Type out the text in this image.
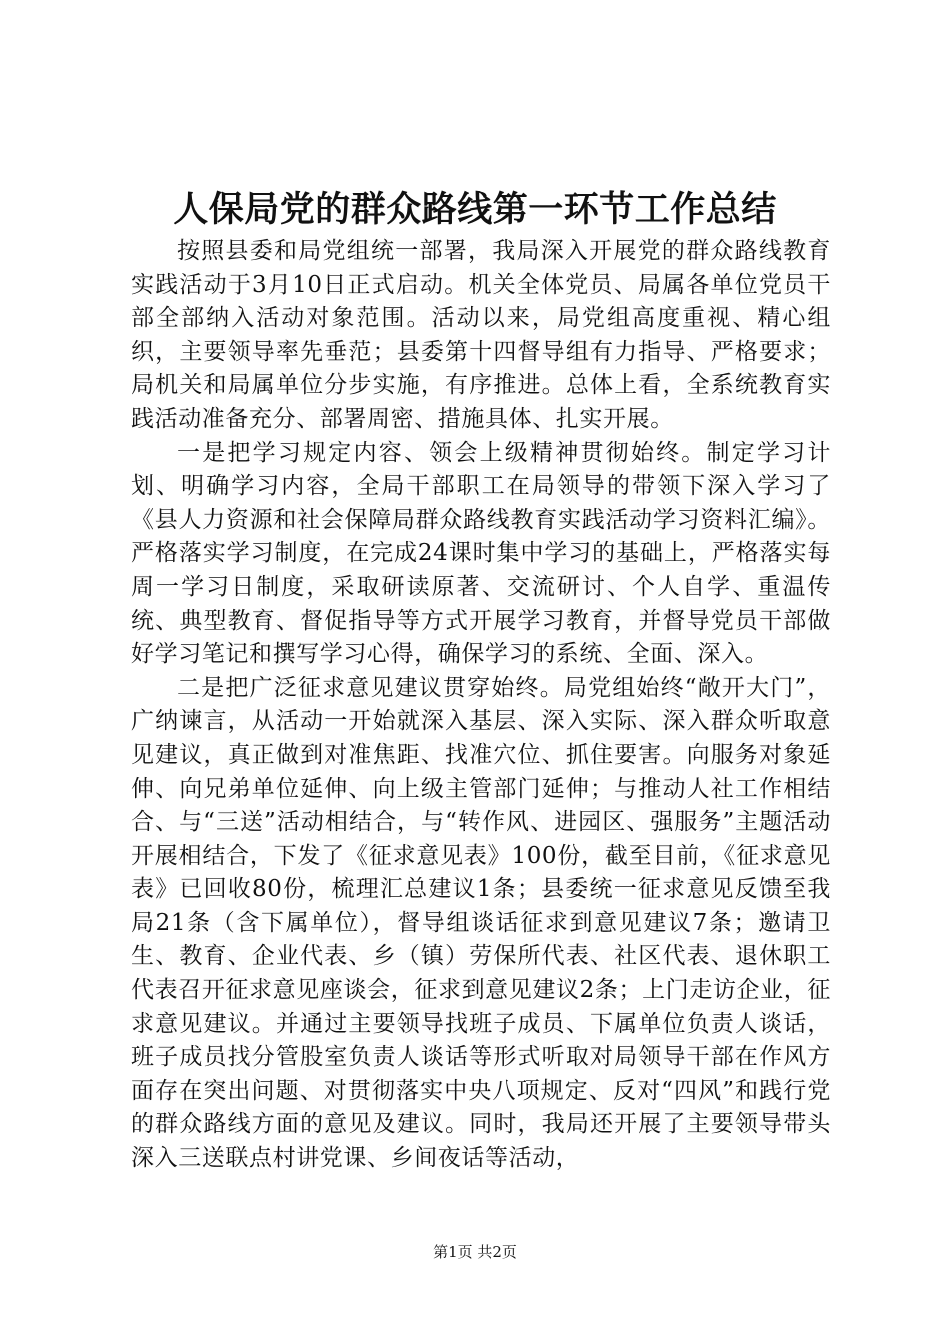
人保局党的群众路线第一环节工作总结

按照县委和局党组统一部署，我局深入开展党的群众路线教育实践活动于3月10日正式启动。机关全体党员、局属各单位党员干部全部纳入活动对象范围。活动以来，局党组高度重视、精心组织，主要领导率先垂范；县委第十四督导组有力指导、严格要求；局机关和局属单位分步实施，有序推进。总体上看，全系统教育实践活动准备充分、部署周密、措施具体、扎实开展。

一是把学习规定内容、领会上级精神贯彻始终。制定学习计划、明确学习内容，全局干部职工在局领导的带领下深入学习了《县人力资源和社会保障局群众路线教育实践活动学习资料汇编》。严格落实学习制度，在完成24课时集中学习的基础上，严格落实每周一学习日制度，采取研读原著、交流研讨、个人自学、重温传统、典型教育、督促指导等方式开展学习教育，并督导党员干部做好学习笔记和撰写学习心得，确保学习的系统、全面、深入。

二是把广泛征求意见建议贯穿始终。局党组始终“敞开大门”，广纳谏言，从活动一开始就深入基层、深入实际、深入群众听取意见建议，真正做到对准焦距、找准穴位、抓住要害。向服务对象延伸、向兄弟单位延伸、向上级主管部门延伸；与推动人社工作相结合、与“三送”活动相结合，与“转作风、进园区、强服务”主题活动开展相结合，下发了《征求意见表》100份，截至目前，《征求意见表》已回收80份，梳理汇总建议1条；县委统一征求意见反馈至我局21条（含下属单位），督导组谈话征求到意见建议7条；邀请卫生、教育、企业代表、乡（镇）劳保所代表、社区代表、退休职工代表召开征求意见座谈会，征求到意见建议2条；上门走访企业，征求意见建议。并通过主要领导找班子成员、下属单位负责人谈话，班子成员找分管股室负责人谈话等形式听取对局领导干部在作风方面存在突出问题、对贯彻落实中央八项规定、反对“四风”和践行党的群众路线方面的意见及建议。同时，我局还开展了主要领导带头深入三送联点村讲党课、乡间夜话等活动，

第1页 共2页
